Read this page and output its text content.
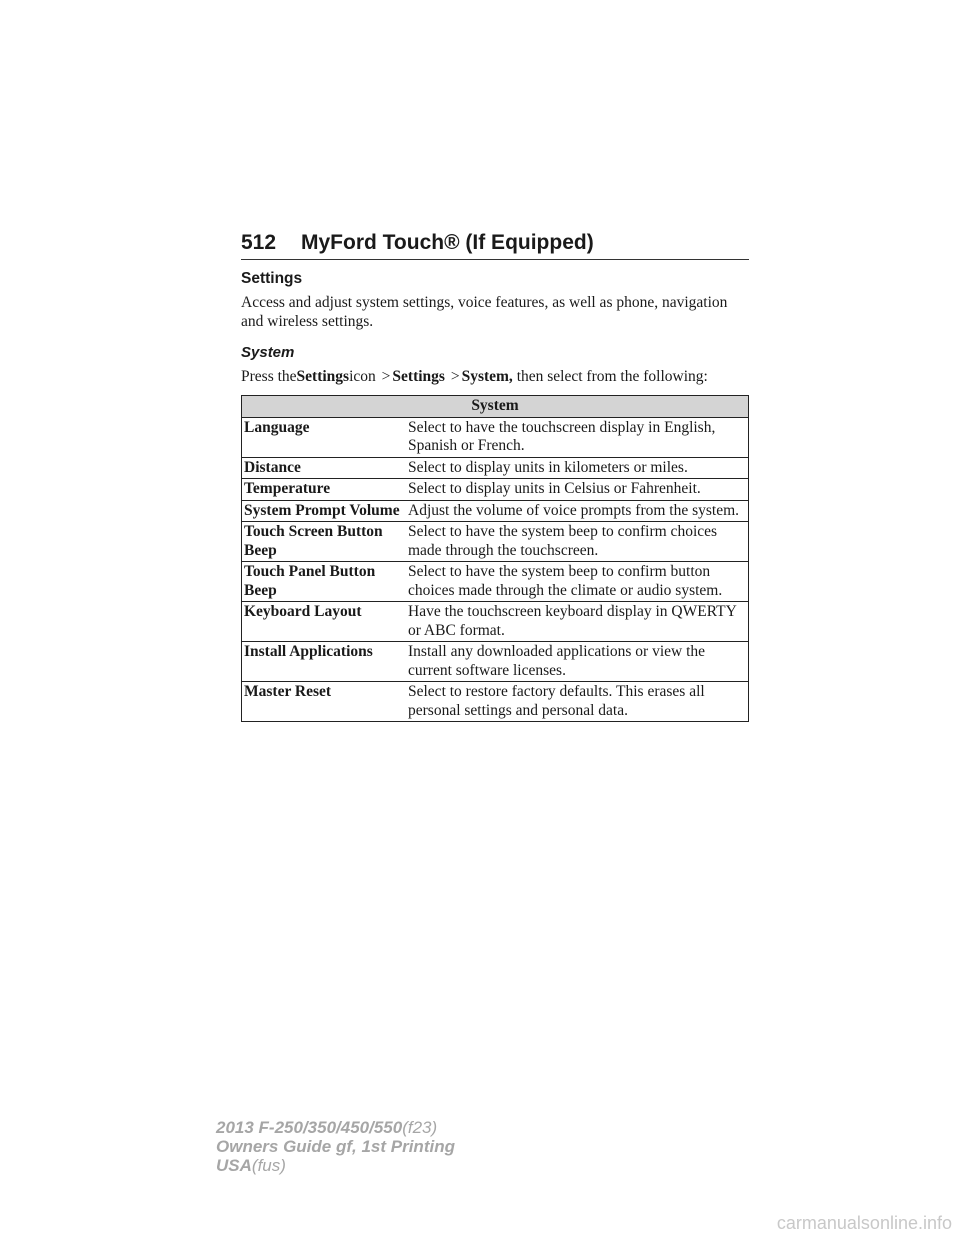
512 MyFord Touch® (If Equipped)
Settings

Access and adjust system settings, voice features, as well as phone, navigation and wireless settings.

System

Press theSettingsicon > Settings > System, then select from the following:

System	
Language	Select to have the touchscreen display in English, Spanish or French.
Distance	Select to display units in kilometers or miles.
Temperature	Select to display units in Celsius or Fahrenheit.
System Prompt Volume	Adjust the volume of voice prompts from the system.
Touch Screen Button Beep	Select to have the system beep to confirm choices made through the touchscreen.
Touch Panel Button Beep	Select to have the system beep to confirm button choices made through the climate or audio system.
Keyboard Layout	Have the touchscreen keyboard display in QWERTY or ABC format.
Install Applications	Install any downloaded applications or view the current software licenses.
Master Reset	Select to restore factory defaults. This erases all personal settings and personal data.
2013 F-250/350/450/550(f23)
Owners Guide gf, 1st Printing
USA(fus)
carmanualsonline.info
